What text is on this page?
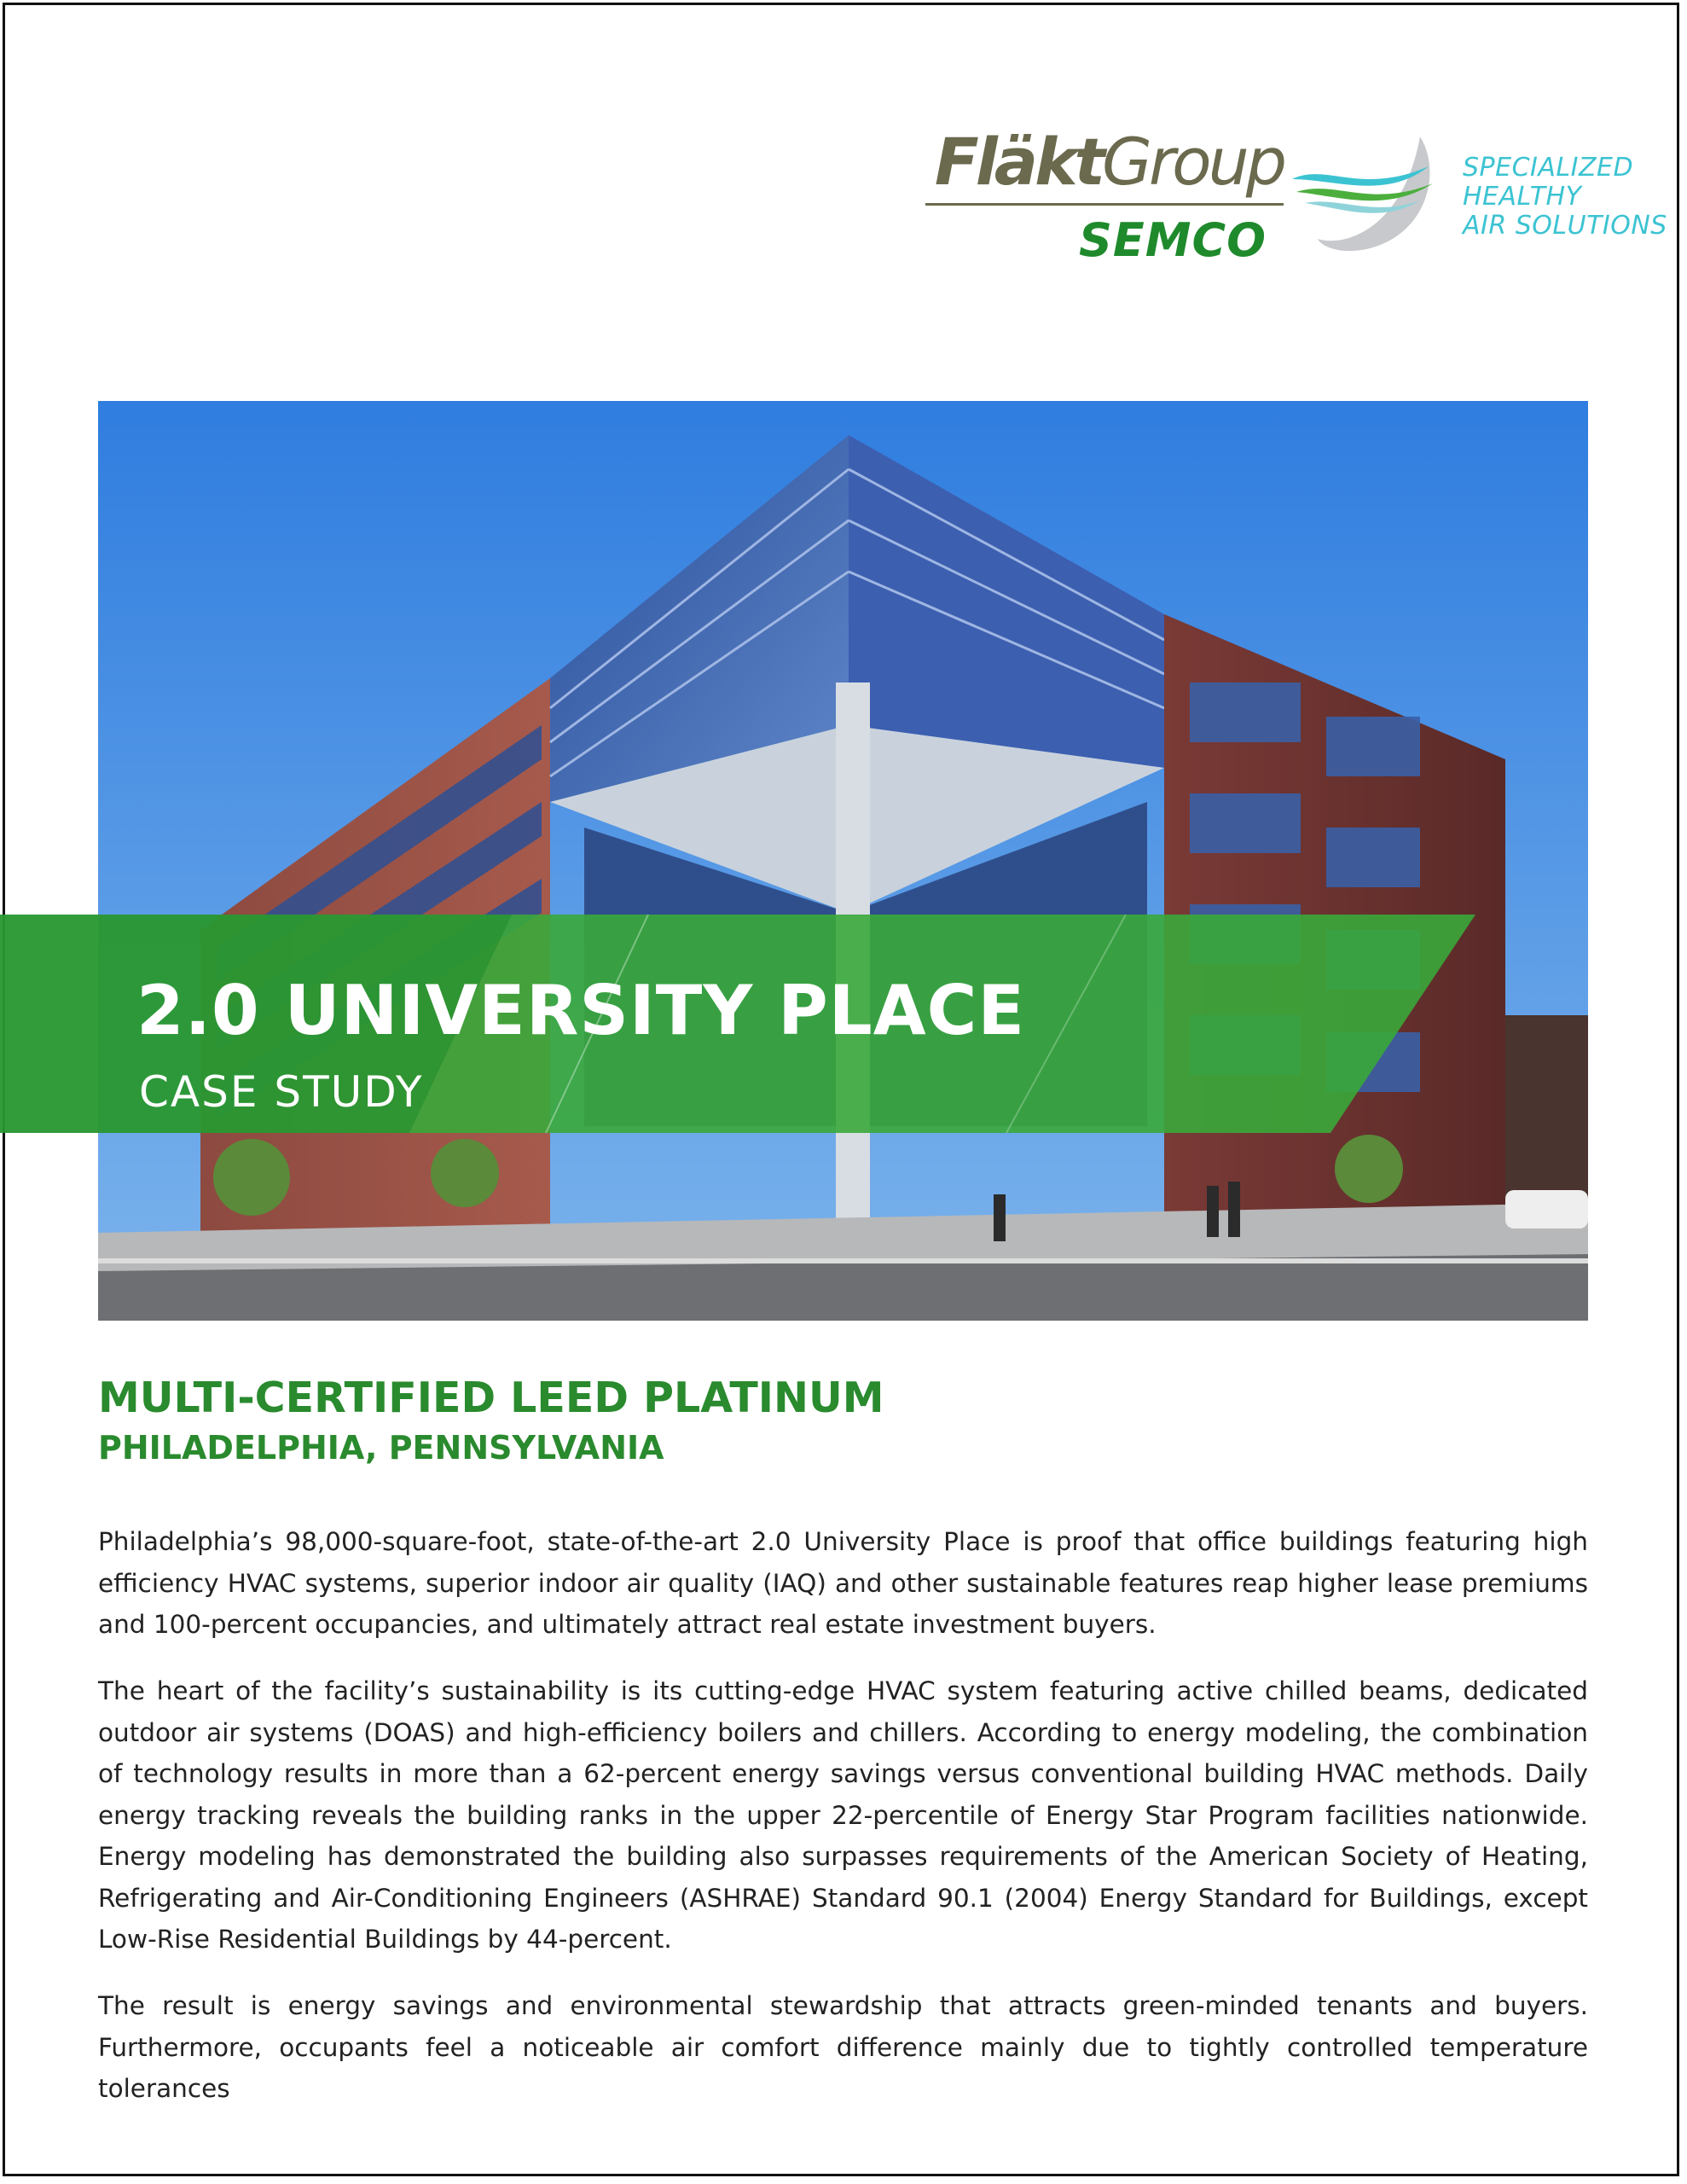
FläktGroup
SEMCO
SPECIALIZED
HEALTHY
AIR SOLUTIONS
2.0 UNIVERSITY PLACE
CASE STUDY
MULTI-CERTIFIED LEED PLATINUM
PHILADELPHIA, PENNSYLVANIA

Philadelphia’s 98,000-square-foot, state-of-the-art 2.0 University Place is proof that office buildings featuring high efficiency HVAC systems, superior indoor air quality (IAQ) and other sustainable features reap higher lease premiums and 100-percent occupancies, and ultimately attract real estate investment buyers.

The heart of the facility’s sustainability is its cutting-edge HVAC system featuring active chilled beams, dedicated outdoor air systems (DOAS) and high-efficiency boilers and chillers. According to energy modeling, the combination of technology results in more than a 62-percent energy savings versus conventional building HVAC methods. Daily energy tracking reveals the building ranks in the upper 22-percentile of Energy Star Program facilities nationwide. Energy modeling has demonstrated the building also surpasses requirements of the American Society of Heating, Refrigerating and Air-Conditioning Engineers (ASHRAE) Standard 90.1 (2004) Energy Standard for Buildings, except Low-Rise Residential Buildings by 44-percent.

The result is energy savings and environmental stewardship that attracts green-minded tenants and buyers. Furthermore, occupants feel a noticeable air comfort difference mainly due to tightly controlled temperature tolerances
